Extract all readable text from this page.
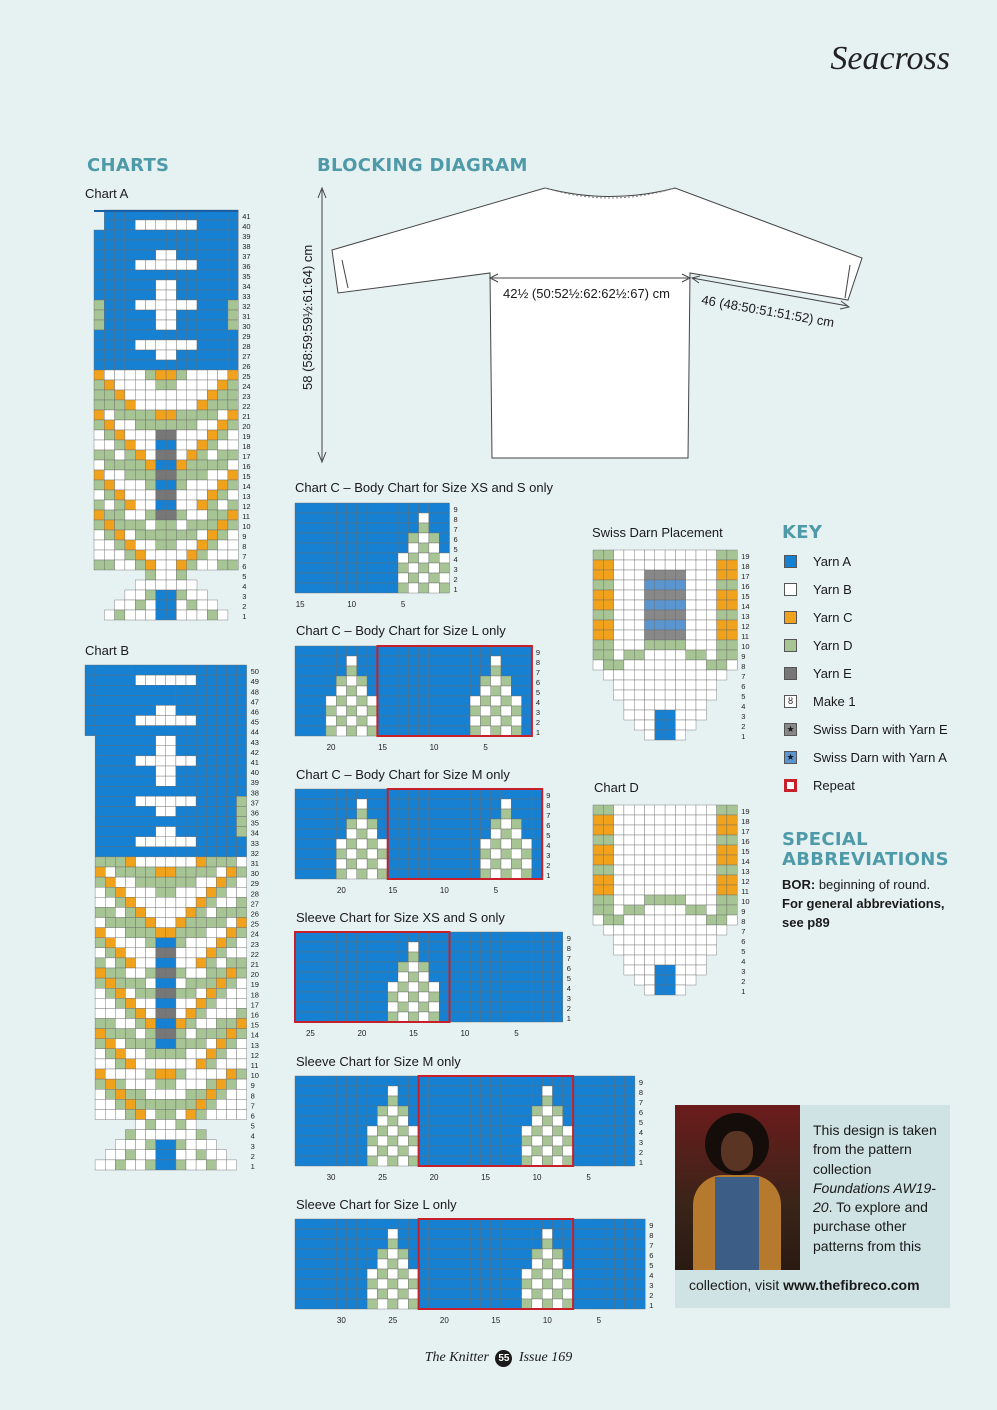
Seacross
CHARTS	BLOCKING DIAGRAM
Chart A
Chart B
Swiss Darn Placement
Chart D
58 (58:59:59½:61:64) cm	42½ (50:52½:62:62½:67) cm 46 (48:50:51:51:52) cm
Chart C – Body Chart for Size XS and S only
Chart C – Body Chart for Size L only
Chart C – Body Chart for Size M only
Sleeve Chart for Size XS and S only
Sleeve Chart for Size M only
Sleeve Chart for Size L only
41
40
39
38
37
36
35
34
33
32
31
30
29
28
27
26
25
24
23
22
21
20
19
18
17
16
15
14
13
12
11
10
9
8
7
6
5
4
3
2
1
50
49
48
47
46
45
44
43
42
41
40
39
38
37
36
35
34
33
32
31
30
29
28
27
26
25
24
23
22
21
20
19
18
17
16
15
14
13
12
11
10
9
8
7
6
5
4
3
2
1
19
18
17
16
15
14
13
12
11
10
9
8
7
6
5
4
3
2
1
19
18
17
16
15
14
13
12
11
10
9
8
7
6
5
4
3
2
1
9
8
7
6
5
4
3
2
1
15	10	5
9
8
7
6
5
4
3
2
1
20	15	10	5
9
8
7
6
5
4
3
2
1
20	15	10	5
9
8
7
6
5
4
3
2
1
25	20	15	10	5
9
8
7
6
5
4
3
2
1
30	25	20	15	10	5
9
8
7
6
5
4
3
2
1
30	25	20	15	10	5
KEY
Yarn A
Yarn B
Yarn C
Yarn D
Yarn E
ȣ	Make 1
★ Swiss Darn with Yarn E
★ Swiss Darn with Yarn A
Repeat
SPECIAL
ABBREVIATIONS
BOR: beginning of round.
For general abbreviations, see p89
This design is taken from the pattern collection Foundations AW19-20. To explore and purchase other patterns from this
collection, visit www.thefibreco.com
The Knitter 55 Issue 169
